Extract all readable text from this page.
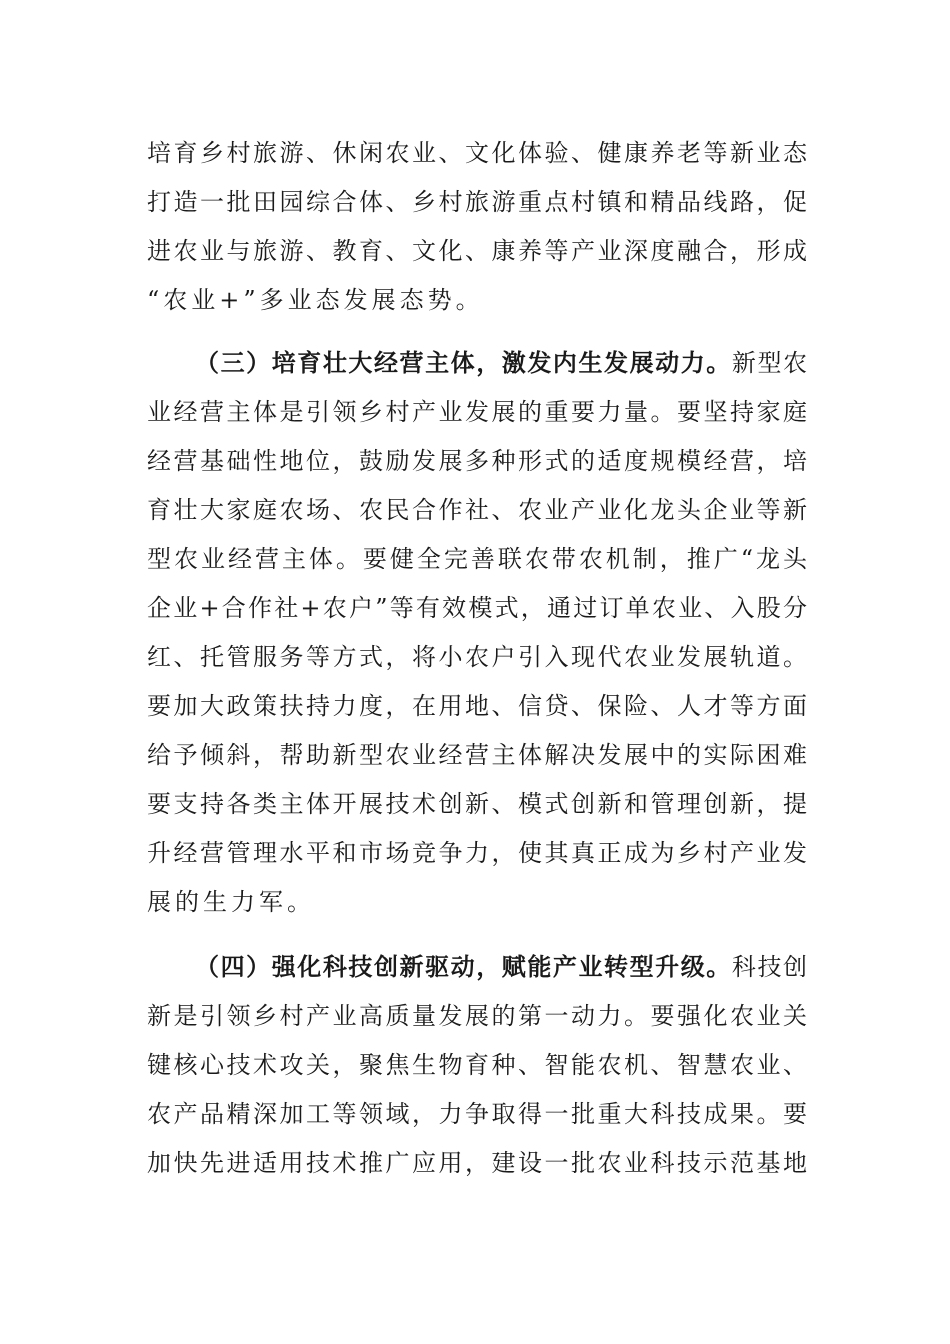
培育乡村旅游、休闲农业、文化体验、健康养老等新业态
打造一批田园综合体、乡村旅游重点村镇和精品线路，促
进农业与旅游、教育、文化、康养等产业深度融合，形成
“农业+”多业态发展态势。
（三）培育壮大经营主体，激发内生发展动力。新型农
业经营主体是引领乡村产业发展的重要力量。要坚持家庭
经营基础性地位，鼓励发展多种形式的适度规模经营，培
育壮大家庭农场、农民合作社、农业产业化龙头企业等新
型农业经营主体。要健全完善联农带农机制，推广“龙头
企业+合作社+农户”等有效模式，通过订单农业、入股分
红、托管服务等方式，将小农户引入现代农业发展轨道。
要加大政策扶持力度，在用地、信贷、保险、人才等方面
给予倾斜，帮助新型农业经营主体解决发展中的实际困难
要支持各类主体开展技术创新、模式创新和管理创新，提
升经营管理水平和市场竞争力，使其真正成为乡村产业发
展的生力军。
（四）强化科技创新驱动，赋能产业转型升级。科技创
新是引领乡村产业高质量发展的第一动力。要强化农业关
键核心技术攻关，聚焦生物育种、智能农机、智慧农业、
农产品精深加工等领域，力争取得一批重大科技成果。要
加快先进适用技术推广应用，建设一批农业科技示范基地
